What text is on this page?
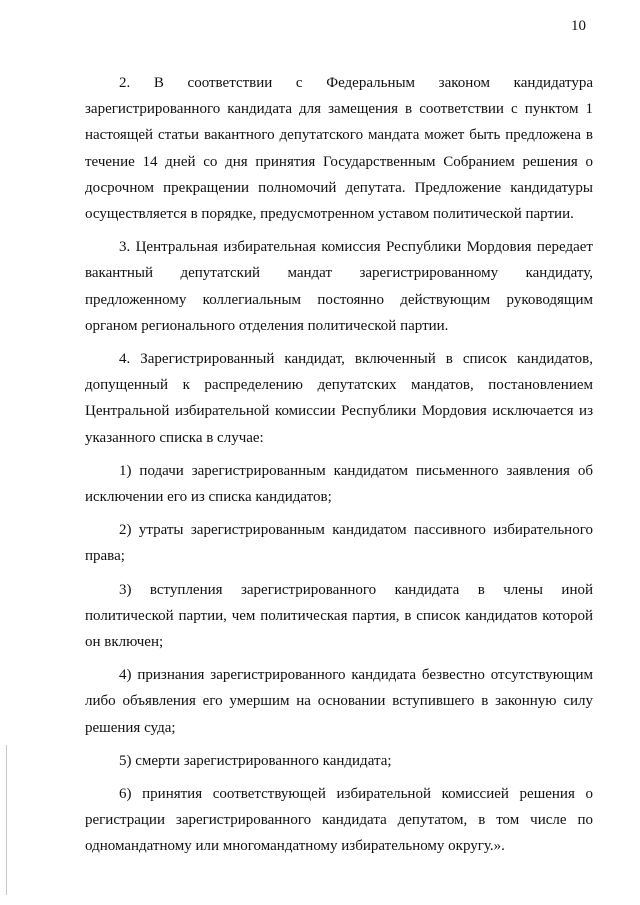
10

2. В соответствии с Федеральным законом кандидатура зарегистрированного кандидата для замещения в соответствии с пунктом 1 настоящей статьи вакантного депутатского мандата может быть предложена в течение 14 дней со дня принятия Государственным Собранием решения о досрочном прекращении полномочий депутата. Предложение кандидатуры осуществляется в порядке, предусмотренном уставом политической партии.

3. Центральная избирательная комиссия Республики Мордовия передает вакантный депутатский мандат зарегистрированному кандидату, предложенному коллегиальным постоянно действующим руководящим органом регионального отделения политической партии.

4. Зарегистрированный кандидат, включенный в список кандидатов, допущенный к распределению депутатских мандатов, постановлением Центральной избирательной комиссии Республики Мордовия исключается из указанного списка в случае:

1) подачи зарегистрированным кандидатом письменного заявления об исключении его из списка кандидатов;

2) утраты зарегистрированным кандидатом пассивного избирательного права;

3) вступления зарегистрированного кандидата в члены иной политической партии, чем политическая партия, в список кандидатов которой он включен;

4) признания зарегистрированного кандидата безвестно отсутствующим либо объявления его умершим на основании вступившего в законную силу решения суда;

5) смерти зарегистрированного кандидата;

6) принятия соответствующей избирательной комиссией решения о регистрации зарегистрированного кандидата депутатом, в том числе по одномандатному или многомандатному избирательному округу.».
